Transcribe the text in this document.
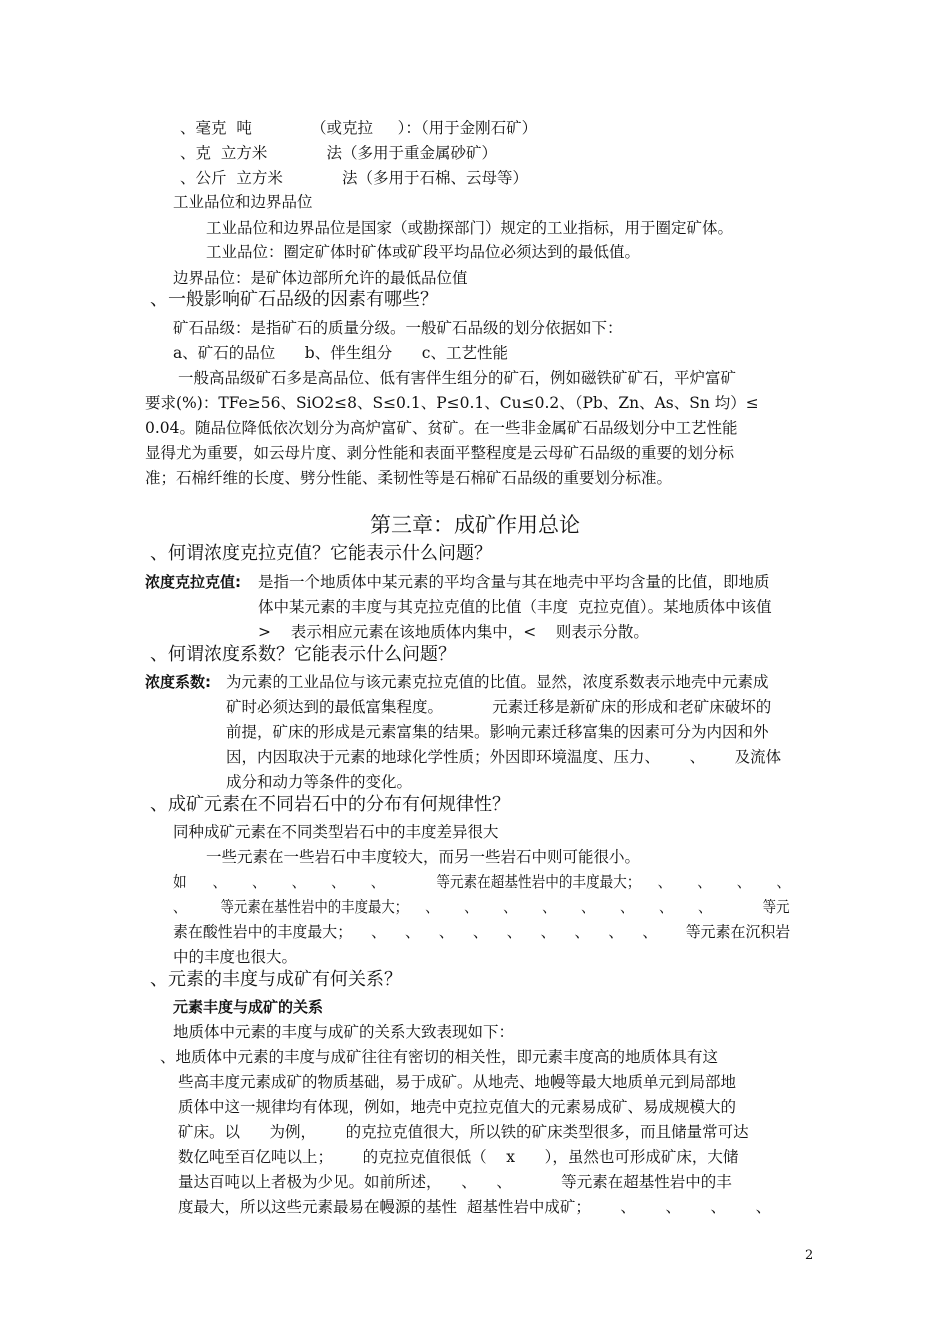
、毫克  吨            （或克拉     ）：（用于金刚石矿）
、克  立方米            法（多用于重金属砂矿）
、公斤  立方米            法（多用于石棉、云母等）
工业品位和边界品位
工业品位和边界品位是国家（或勘探部门）规定的工业指标，用于圈定矿体。
工业品位：圈定矿体时矿体或矿段平均品位必须达到的最低值。
边界品位：是矿体边部所允许的最低品位值
、一般影响矿石品级的因素有哪些？
矿石品级：是指矿石的质量分级。一般矿石品级的划分依据如下：
a、矿石的品位      b、伴生组分      c、工艺性能
一般高品级矿石多是高品位、低有害伴生组分的矿石，例如磁铁矿矿石，平炉富矿
要求(%)：TFe≥56、SiO2≤8、S≤0.1、P≤0.1、Cu≤0.2、（Pb、Zn、As、Sn 均）≤
0.04。随品位降低依次划分为高炉富矿、贫矿。在一些非金属矿石品级划分中工艺性能
显得尤为重要，如云母片度、剥分性能和表面平整程度是云母矿石品级的重要的划分标
准；石棉纤维的长度、劈分性能、柔韧性等是石棉矿石品级的重要划分标准。
第三章：成矿作用总论
、何谓浓度克拉克值？它能表示什么问题？
浓度克拉克值: 是指一个地质体中某元素的平均含量与其在地壳中平均含量的比值，即地质
体中某元素的丰度与其克拉克值的比值（丰度  克拉克值）。某地质体中该值
>    表示相应元素在该地质体内集中，<    则表示分散。
、何谓浓度系数？它能表示什么问题？
浓度系数: 为元素的工业品位与该元素克拉克值的比值。显然，浓度系数表示地壳中元素成
矿时必须达到的最低富集程度。          元素迁移是新矿床的形成和老矿床破坏的
前提，矿床的形成是元素富集的结果。影响元素迁移富集的因素可分为内因和外
因，内因取决于元素的地球化学性质；外因即环境温度、压力、      、      及流体
成分和动力等条件的变化。
、成矿元素在不同岩石中的分布有何规律性？
同种成矿元素在不同类型岩石中的丰度差异很大
一些元素在一些岩石中丰度较大，而另一些岩石中则可能很小。
如      、      、      、      、      、            等元素在超基性岩中的丰度最大；    、      、      、      、
、        等元素在基性岩中的丰度最大；    、      、      、      、      、      、      、      、            等元
素在酸性岩中的丰度最大；    、    、    、    、    、    、    、    、    、      等元素在沉积岩
中的丰度也很大。
、元素的丰度与成矿有何关系？
元素丰度与成矿的关系
地质体中元素的丰度与成矿的关系大致表现如下：
、地质体中元素的丰度与成矿往往有密切的相关性，即元素丰度高的地质体具有这
些高丰度元素成矿的物质基础，易于成矿。从地壳、地幔等最大地质单元到局部地
质体中这一规律均有体现，例如，地壳中克拉克值大的元素易成矿、易成规模大的
矿床。以      为例，      的克拉克值很大，所以铁的矿床类型很多，而且储量常可达
数亿吨至百亿吨以上；      的克拉克值很低（    x      ），虽然也可形成矿床，大储
量达百吨以上者极为少见。如前所述，    、    、          等元素在超基性岩中的丰
度最大，所以这些元素最易在幔源的基性  超基性岩中成矿；      、      、      、      、
2
